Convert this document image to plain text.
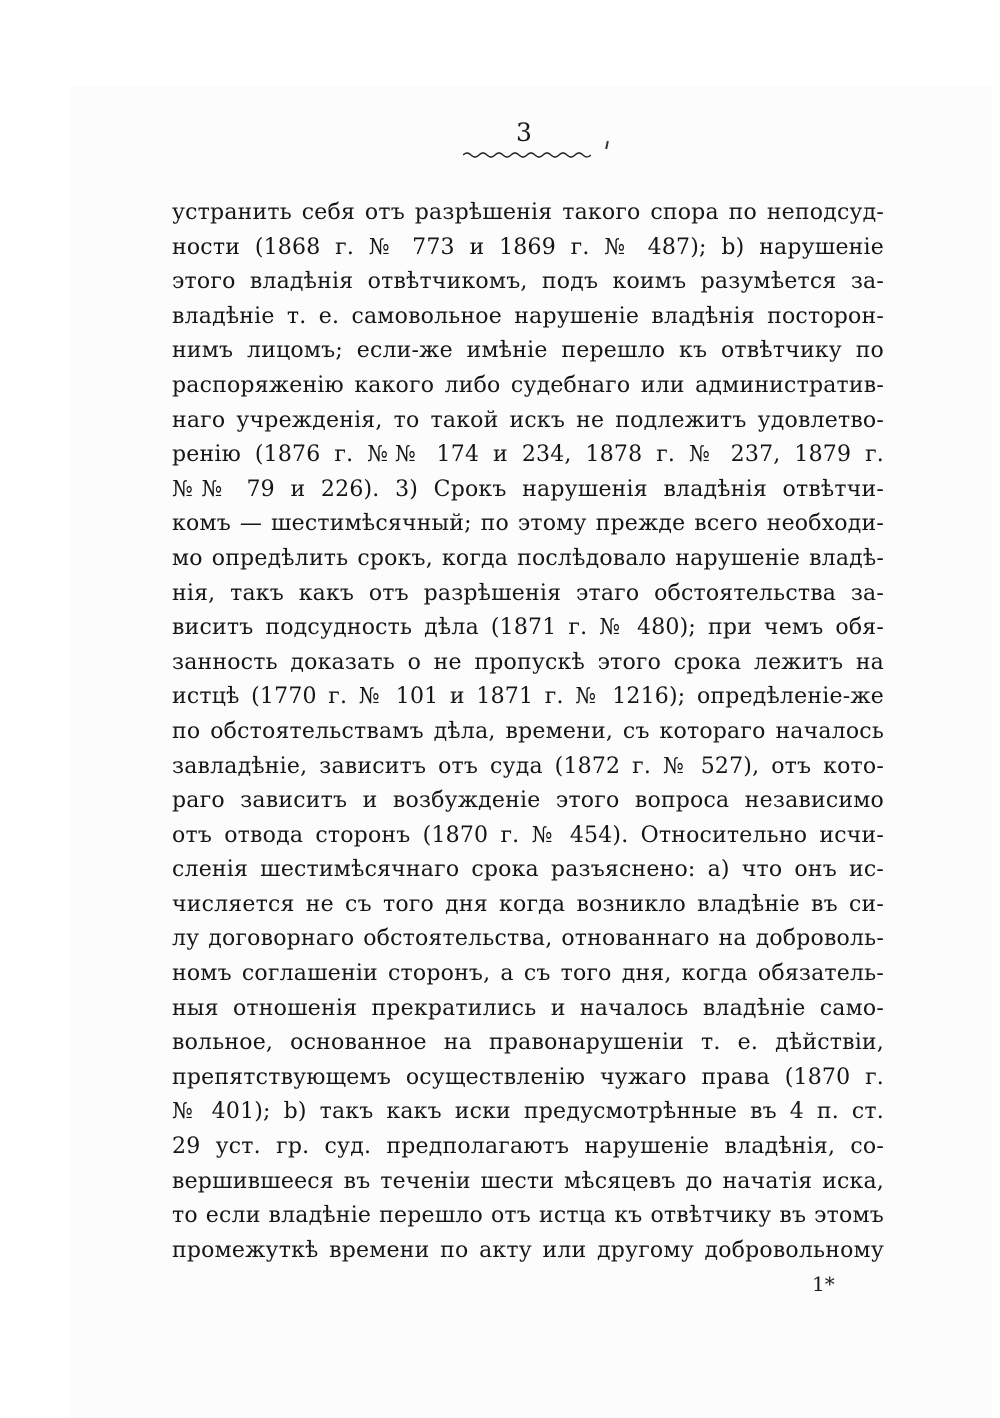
3
устранить себя отъ разрѣшенія такого спора по неподсуд-
ности (1868 г. № 773 и 1869 г. № 487); b) нарушеніе
этого владѣнія отвѣтчикомъ, подъ коимъ разумѣется за-
владѣніе т. е. самовольное нарушеніе владѣнія посторон-
нимъ лицомъ; если-же имѣніе перешло къ отвѣтчику по
распоряженію какого либо судебнаго или административ-
наго учрежденія, то такой искъ не подлежитъ удовлетво-
ренію (1876 г. №№ 174 и 234, 1878 г. № 237, 1879 г.
№№ 79 и 226). 3) Срокъ нарушенія владѣнія отвѣтчи-
комъ — шестимѣсячный; по этому прежде всего необходи-
мо опредѣлить срокъ, когда послѣдовало нарушеніе владѣ-
нія, такъ какъ отъ разрѣшенія этаго обстоятельства за-
виситъ подсудность дѣла (1871 г. № 480); при чемъ обя-
занность доказать о не пропускѣ этого срока лежитъ на
истцѣ (1770 г. № 101 и 1871 г. № 1216); опредѣленіе-же
по обстоятельствамъ дѣла, времени, съ котораго началось
завладѣніе, зависитъ отъ суда (1872 г. № 527), отъ кото-
раго зависитъ и возбужденіе этого вопроса независимо
отъ отвода сторонъ (1870 г. № 454). Относительно исчи-
сленія шестимѣсячнаго срока разъяснено: а) что онъ ис-
числяется не съ того дня когда возникло владѣніе въ си-
лу договорнаго обстоятельства, отнованнаго на доброволь-
номъ соглашеніи сторонъ, а съ того дня, когда обязатель-
ныя отношенія прекратились и началось владѣніе само-
вольное, основанное на правонарушеніи т. е. дѣйствіи,
препятствующемъ осуществленію чужаго права (1870 г.
№ 401); b) такъ какъ иски предусмотрѣнные въ 4 п. ст.
29 уст. гр. суд. предполагаютъ нарушеніе владѣнія, со-
вершившееся въ теченіи шести мѣсяцевъ до начатія иска,
то если владѣніе перешло отъ истца къ отвѣтчику въ этомъ
промежуткѣ времени по акту или другому добровольному
1*
